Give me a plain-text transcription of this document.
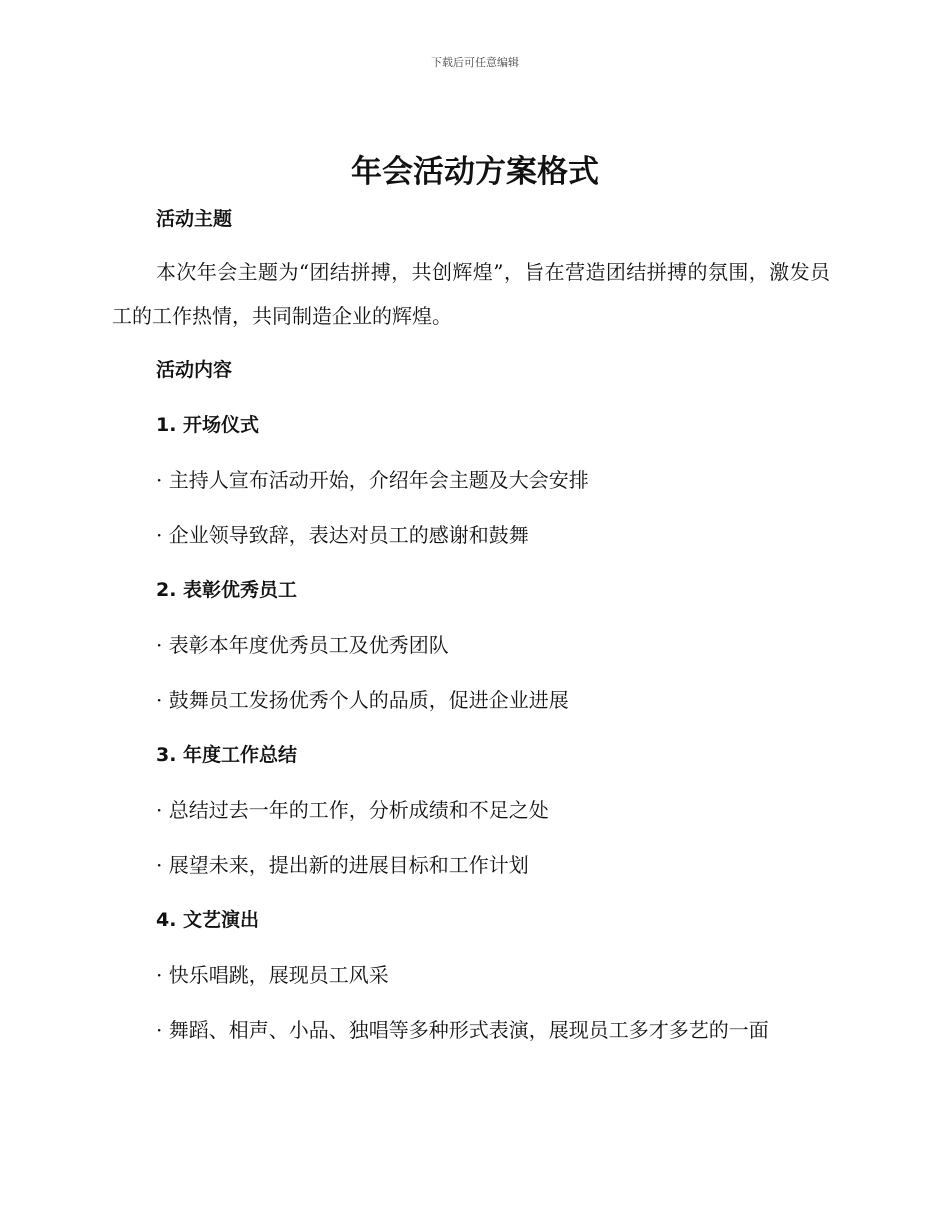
下载后可任意编辑
年会活动方案格式

活动主题

本次年会主题为“团结拼搏，共创辉煌”，旨在营造团结拼搏的氛围，激发员工的工作热情，共同制造企业的辉煌。

活动内容

1. 开场仪式

· 主持人宣布活动开始，介绍年会主题及大会安排

· 企业领导致辞，表达对员工的感谢和鼓舞

2. 表彰优秀员工

· 表彰本年度优秀员工及优秀团队

· 鼓舞员工发扬优秀个人的品质，促进企业进展

3. 年度工作总结

· 总结过去一年的工作，分析成绩和不足之处

· 展望未来，提出新的进展目标和工作计划

4. 文艺演出

· 快乐唱跳，展现员工风采

· 舞蹈、相声、小品、独唱等多种形式表演，展现员工多才多艺的一面
